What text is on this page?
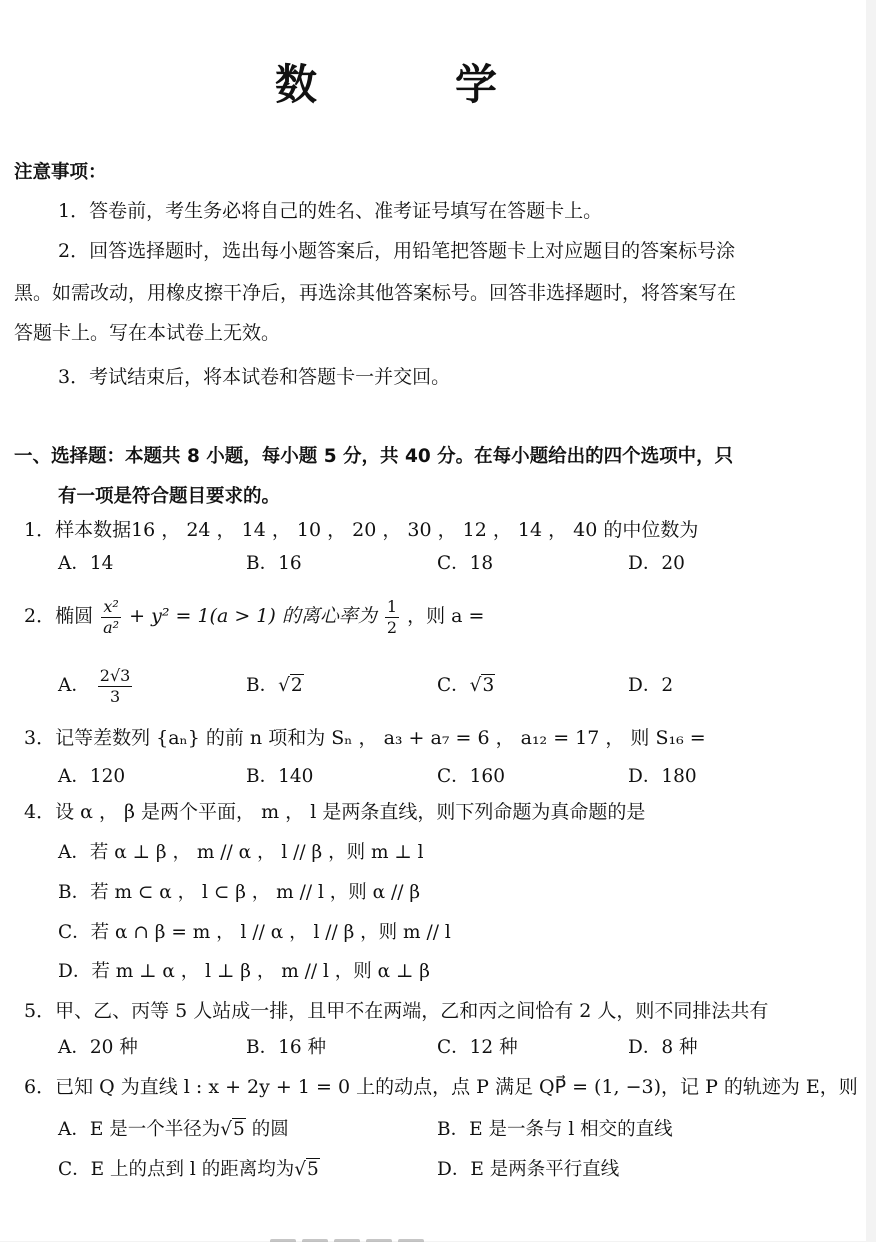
数　学
注意事项：
1．答卷前，考生务必将自己的姓名、准考证号填写在答题卡上。
2．回答选择题时，选出每小题答案后，用铅笔把答题卡上对应题目的答案标号涂
黑。如需改动，用橡皮擦干净后，再选涂其他答案标号。回答非选择题时，将答案写在
答题卡上。写在本试卷上无效。
3．考试结束后，将本试卷和答题卡一并交回。
一、选择题：本题共 8 小题，每小题 5 分，共 40 分。在每小题给出的四个选项中，只
有一项是符合题目要求的。
1．样本数据16 ， 24 ， 14 ， 10 ， 20 ， 30 ， 12 ， 14 ， 40 的中位数为
A．14	B．16	C．18	D．20
2．椭圆 $\frac{\text{x²}}{\text{a²}} + y^2 = 1(a > 1)$ 的离心率为 $\frac{1}{2}$ ，则 a =
A． $\frac{2√3}{3}$	B．√2	C．√3	D．2
3．记等差数列 {aₙ} 的前 n 项和为 Sₙ ， a₃ + a₇ = 6 ， a₁₂ = 17 ， 则 S₁₆ =
A．120	B．140	C．160	D．180
4．设 α ， β 是两个平面， m ， l 是两条直线，则下列命题为真命题的是
A．若 α ⊥ β ， m // α ， l // β ，则 m ⊥ l
B．若 m ⊂ α ， l ⊂ β ， m // l ，则 α // β
C．若 α ∩ β = m ， l // α ， l // β ，则 m // l
D．若 m ⊥ α ， l ⊥ β ， m // l ，则 α ⊥ β
5．甲、乙、丙等 5 人站成一排，且甲不在两端，乙和丙之间恰有 2 人，则不同排法共有
A．20 种	B．16 种	C．12 种	D．8 种
6．已知 Q 为直线 l : x + 2y + 1 = 0 上的动点，点 P 满足 QP⃗ = (1, −3)，记 P 的轨迹为 E，则
A．E 是一个半径为√5 的圆	B．E 是一条与 l 相交的直线
C．E 上的点到 l 的距离均为√5	D．E 是两条平行直线
